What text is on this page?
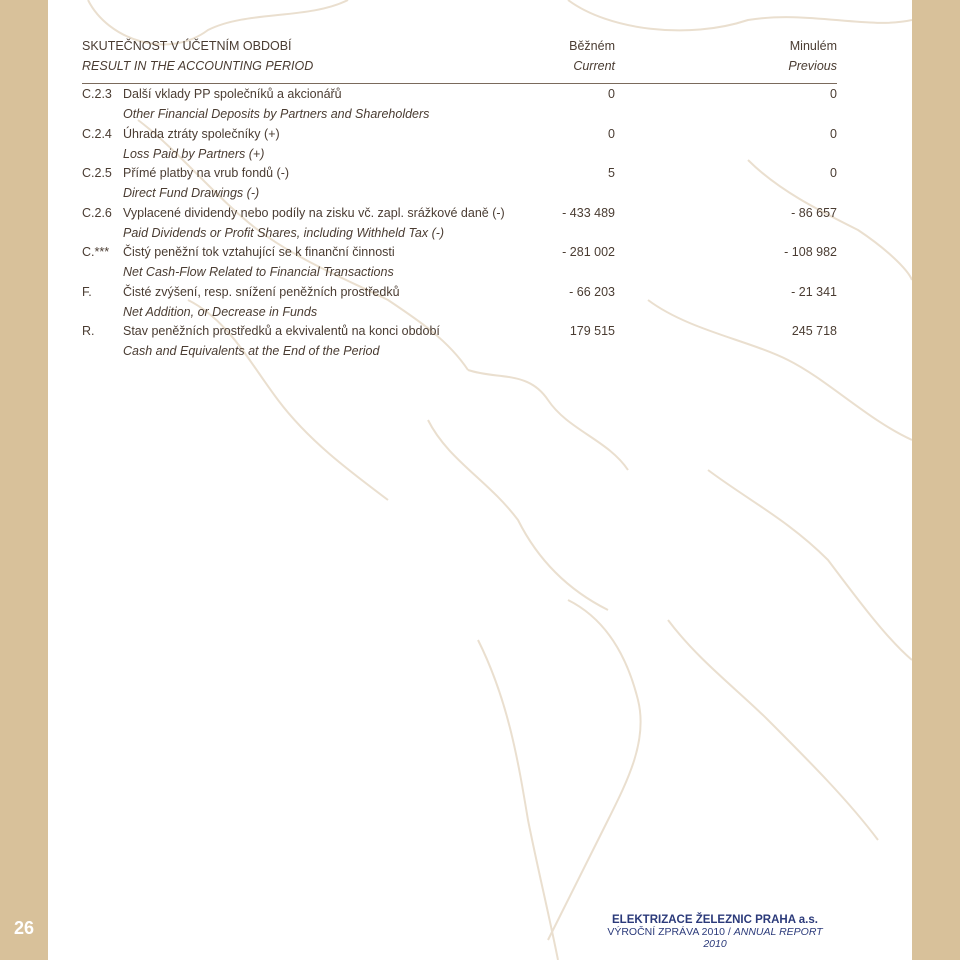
26
SKUTEČNOST V ÚČETNÍM OBDOBÍ	Běžném	Minulém
RESULT IN THE ACCOUNTING PERIOD	Current	Previous
C.2.3 Další vklady PP společníků a akcionářů	0	0
Other Financial Deposits by Partners and Shareholders
C.2.4 Úhrada ztráty společníky (+)	0	0
Loss Paid by Partners (+)
C.2.5 Přímé platby na vrub fondů (-)	5	0
Direct Fund Drawings (-)
C.2.6 Vyplacené dividendy nebo podíly na zisku vč. zapl. srážkové daně (-)	- 433 489	- 86 657
Paid Dividends or Profit Shares, including Withheld Tax (-)
C.***	Čistý peněžní tok vztahující se k finanční činnosti	- 281 002	- 108 982
Net Cash-Flow Related to Financial Transactions
F.	Čisté zvýšení, resp. snížení peněžních prostředků	- 66 203	- 21 341
Net Addition, or Decrease in Funds
R.	Stav peněžních prostředků a ekvivalentů na konci období	179 515	245 718
Cash and Equivalents at the End of the Period
ELEKTRIZACE ŽELEZNIC PRAHA a.s.
VÝROČNÍ ZPRÁVA 2010 / ANNUAL REPORT 2010
